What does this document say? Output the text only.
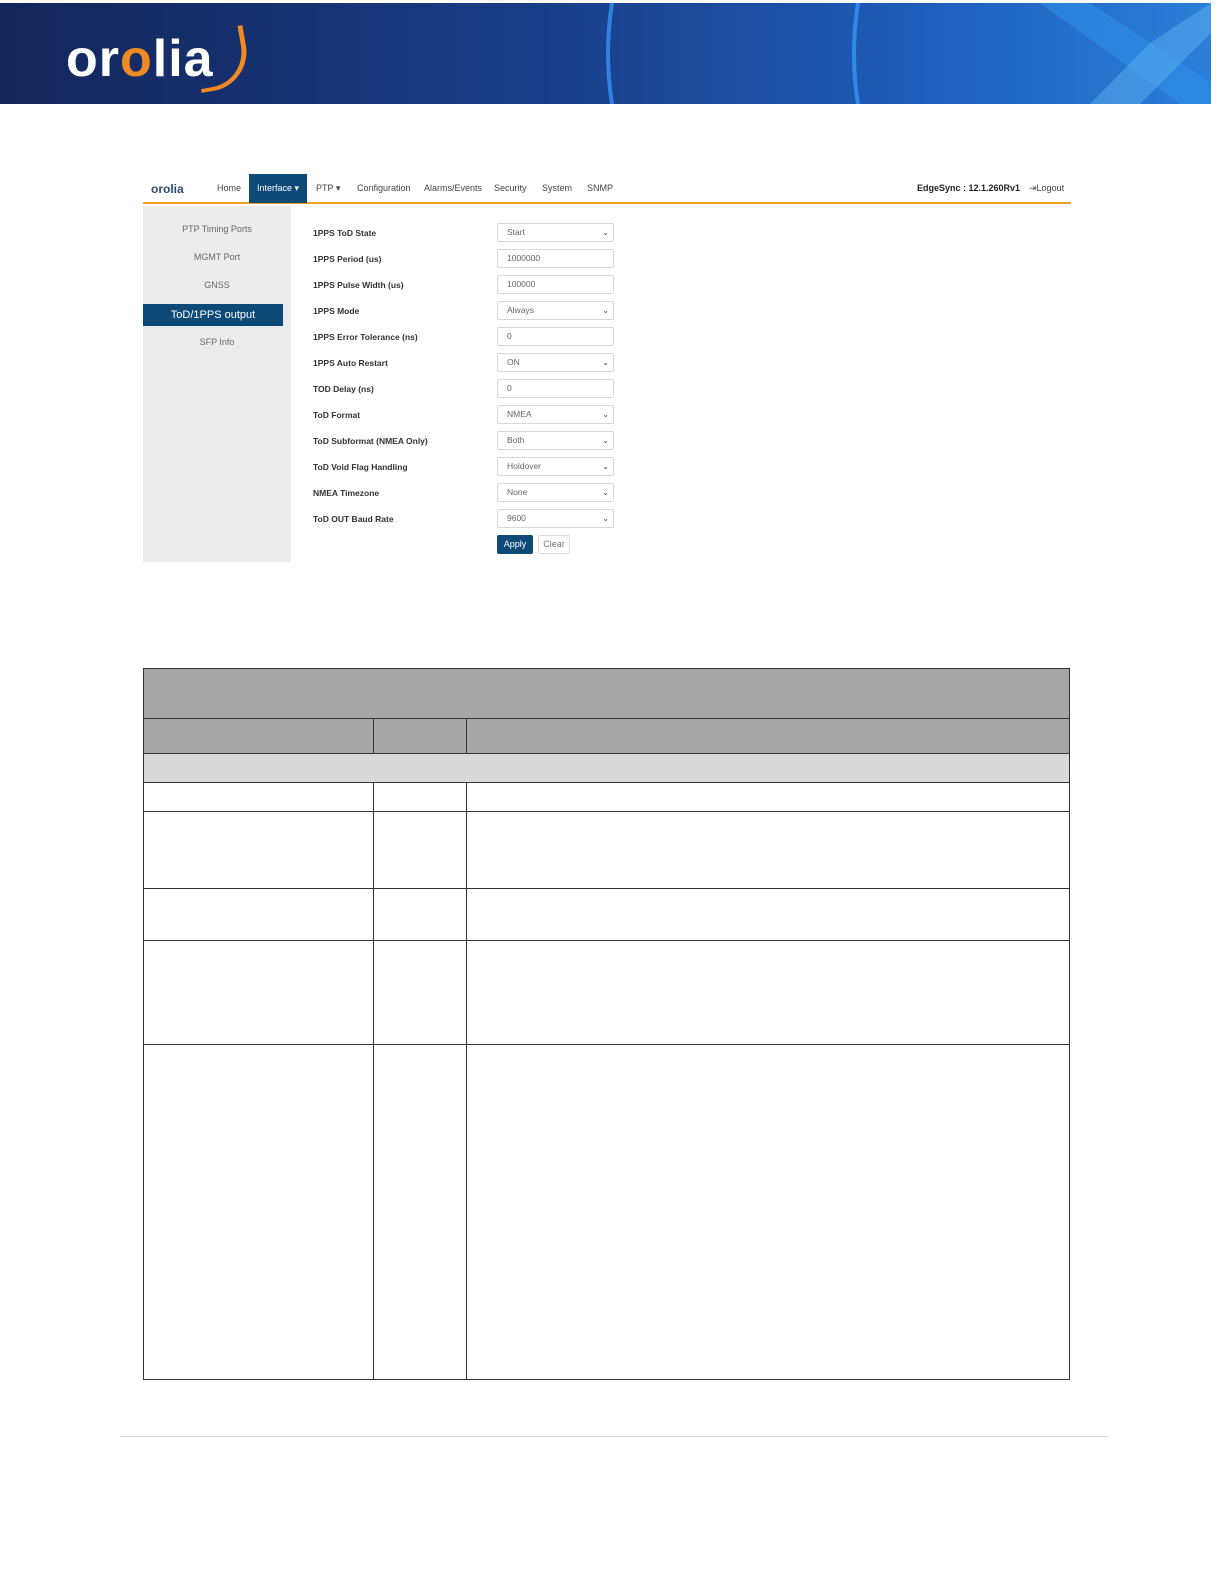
orolia
orolia	Home	Interface ▾	PTP ▾	Configuration	Alarms/Events	Security	System	SNMP	EdgeSync : 12.1.260Rv1 ⇥Logout
PTP Timing Ports
MGMT Port
GNSS
ToD/1PPS output
SFP Info
1PPS ToD State	Start	⌄
1PPS Period (us)	1000000
1PPS Pulse Width (us)	100000
1PPS Mode	Always	⌄
1PPS Error Tolerance (ns)	0
1PPS Auto Restart	ON	⌄
TOD Delay (ns)	0
ToD Format	NMEA	⌄
ToD Subformat (NMEA Only)	Both	⌄
ToD Void Flag Handling	Holdover	⌄
NMEA Timezone	None	⌄
ToD OUT Baud Rate	9600	⌄
Apply	Clear
